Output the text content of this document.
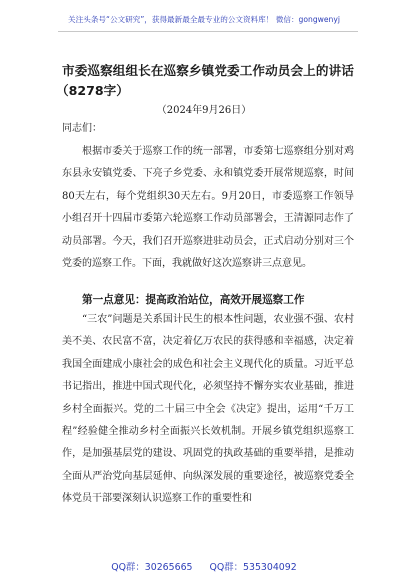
关注头条号“公文研究”，获得最新最全最专业的公文资料库！ 微信：gongwenyj
市委巡察组组长在巡察乡镇党委工作动员会上的讲话
（8278字）
（2024年9月26日）
同志们：

根据市委关于巡察工作的统一部署，市委第七巡察组分别对鸡东县永安镇党委、下亮子乡党委、永和镇党委开展常规巡察，时间80天左右，每个党组织30天左右。9月20日，市委巡察工作领导小组召开十四届市委第六轮巡察工作动员部署会，王清源同志作了动员部署。今天，我们召开巡察进驻动员会，正式启动分别对三个党委的巡察工作。下面，我就做好这次巡察讲三点意见。

第一点意见：提高政治站位，高效开展巡察工作

“三农”问题是关系国计民生的根本性问题，农业强不强、农村美不美、农民富不富，决定着亿万农民的获得感和幸福感，决定着我国全面建成小康社会的成色和社会主义现代化的质量。习近平总书记指出，推进中国式现代化，必须坚持不懈夯实农业基础，推进乡村全面振兴。党的二十届三中全会《决定》提出，运用“千万工程”经验健全推动乡村全面振兴长效机制。开展乡镇党组织巡察工作，是加强基层党的建设、巩固党的执政基础的重要举措，是推动全面从严治党向基层延伸、向纵深发展的重要途径，被巡察党委全体党员干部要深刻认识巡察工作的重要性和

QQ群：30265665 QQ群：535304092
